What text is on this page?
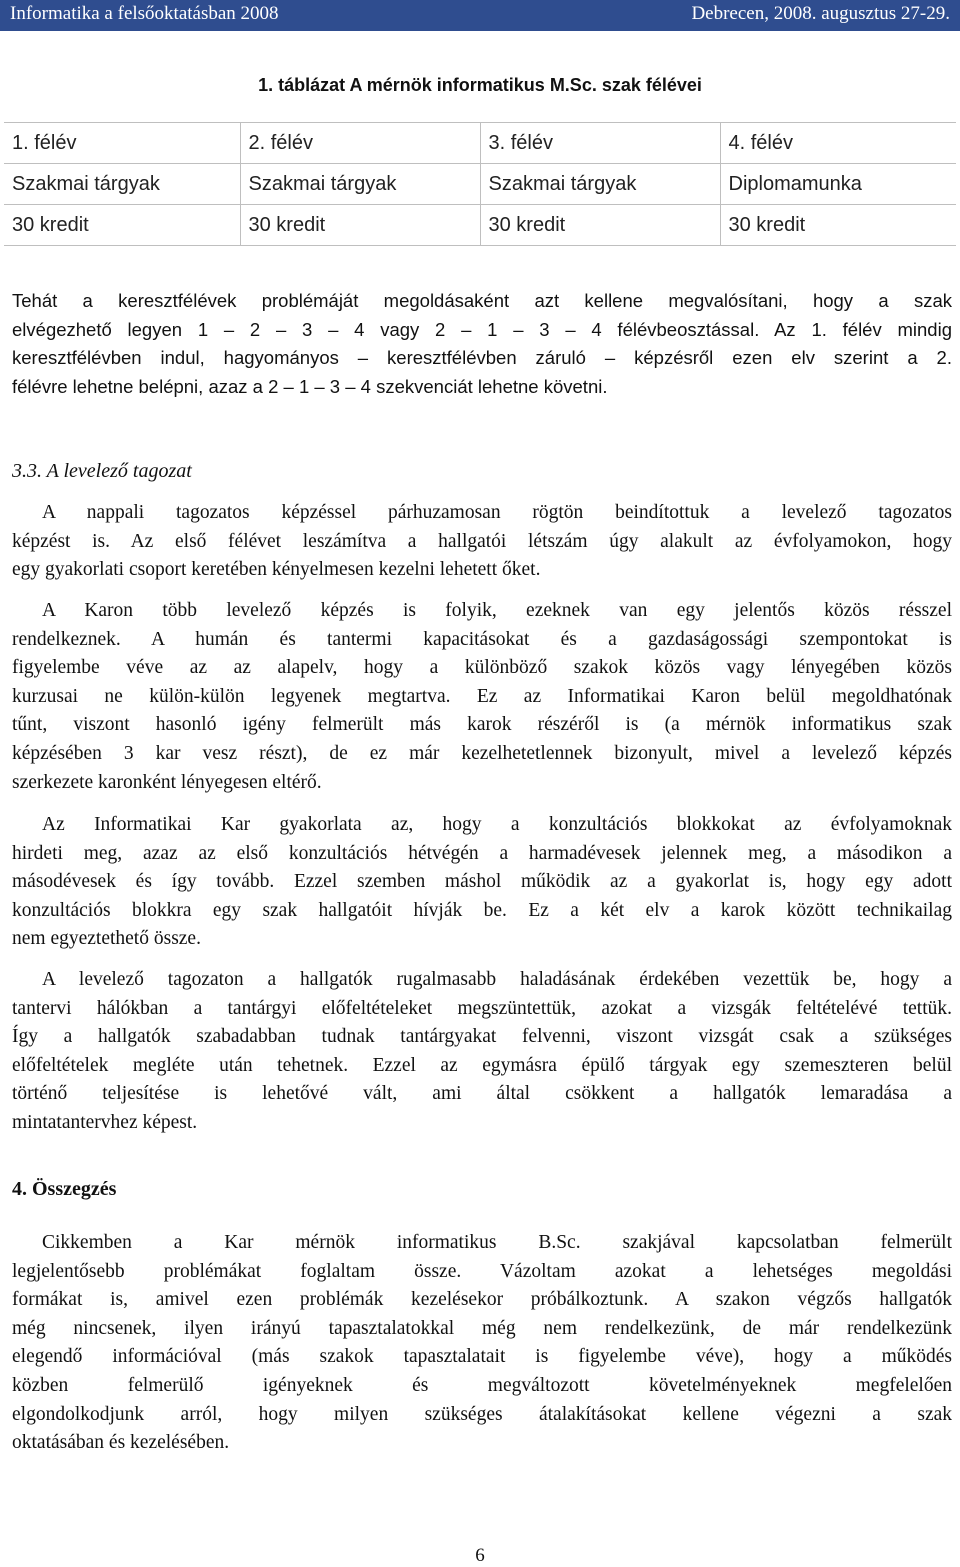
Informatika a felsőoktatásban 2008	Debrecen, 2008. augusztus 27-29.
1. táblázat A mérnök informatikus M.Sc. szak félévei
1. félév	2. félév	3. félév	4. félév
Szakmai tárgyak	Szakmai tárgyak	Szakmai tárgyak	Diplomamunka
30 kredit	30 kredit	30 kredit	30 kredit
Tehát a keresztfélévek problémáját megoldásaként azt kellene megvalósítani, hogy a szak
elvégezhető legyen 1 – 2 – 3 – 4 vagy 2 – 1 – 3 – 4 félévbeosztással. Az 1. félév mindig
keresztfélévben indul, hagyományos – keresztfélévben záruló – képzésről ezen elv szerint a 2.
félévre lehetne belépni, azaz a 2 – 1 – 3 – 4 szekvenciát lehetne követni.
3.3. A levelező tagozat
A nappali tagozatos képzéssel párhuzamosan rögtön beindítottuk a levelező tagozatos
képzést is. Az első félévet leszámítva a hallgatói létszám úgy alakult az évfolyamokon, hogy
egy gyakorlati csoport keretében kényelmesen kezelni lehetett őket.
A Karon több levelező képzés is folyik, ezeknek van egy jelentős közös résszel
rendelkeznek. A humán és tantermi kapacitásokat és a gazdaságossági szempontokat is
figyelembe véve az az alapelv, hogy a különböző szakok közös vagy lényegében közös
kurzusai ne külön-külön legyenek megtartva. Ez az Informatikai Karon belül megoldhatónak
tűnt, viszont hasonló igény felmerült más karok részéről is (a mérnök informatikus szak
képzésében 3 kar vesz részt), de ez már kezelhetetlennek bizonyult, mivel a levelező képzés
szerkezete karonként lényegesen eltérő.
Az Informatikai Kar gyakorlata az, hogy a konzultációs blokkokat az évfolyamoknak
hirdeti meg, azaz az első konzultációs hétvégén a harmadévesek jelennek meg, a másodikon a
másodévesek és így tovább. Ezzel szemben máshol működik az a gyakorlat is, hogy egy adott
konzultációs blokkra egy szak hallgatóit hívják be. Ez a két elv a karok között technikailag
nem egyeztethető össze.
A levelező tagozaton a hallgatók rugalmasabb haladásának érdekében vezettük be, hogy a
tantervi hálókban a tantárgyi előfeltételeket megszüntettük, azokat a vizsgák feltételévé tettük.
Így a hallgatók szabadabban tudnak tantárgyakat felvenni, viszont vizsgát csak a szükséges
előfeltételek megléte után tehetnek. Ezzel az egymásra épülő tárgyak egy szemeszteren belül
történő teljesítése is lehetővé vált, ami által csökkent a hallgatók lemaradása a
mintatantervhez képest.
4. Összegzés
Cikkemben a Kar mérnök informatikus B.Sc. szakjával kapcsolatban felmerült
legjelentősebb problémákat foglaltam össze. Vázoltam azokat a lehetséges megoldási
formákat is, amivel ezen problémák kezelésekor próbálkoztunk. A szakon végzős hallgatók
még nincsenek, ilyen irányú tapasztalatokkal még nem rendelkezünk, de már rendelkezünk
elegendő információval (más szakok tapasztalatait is figyelembe véve), hogy a működés
közben felmerülő igényeknek és megváltozott követelményeknek megfelelően
elgondolkodjunk arról, hogy milyen szükséges átalakításokat kellene végezni a szak
oktatásában és kezelésében.
6
